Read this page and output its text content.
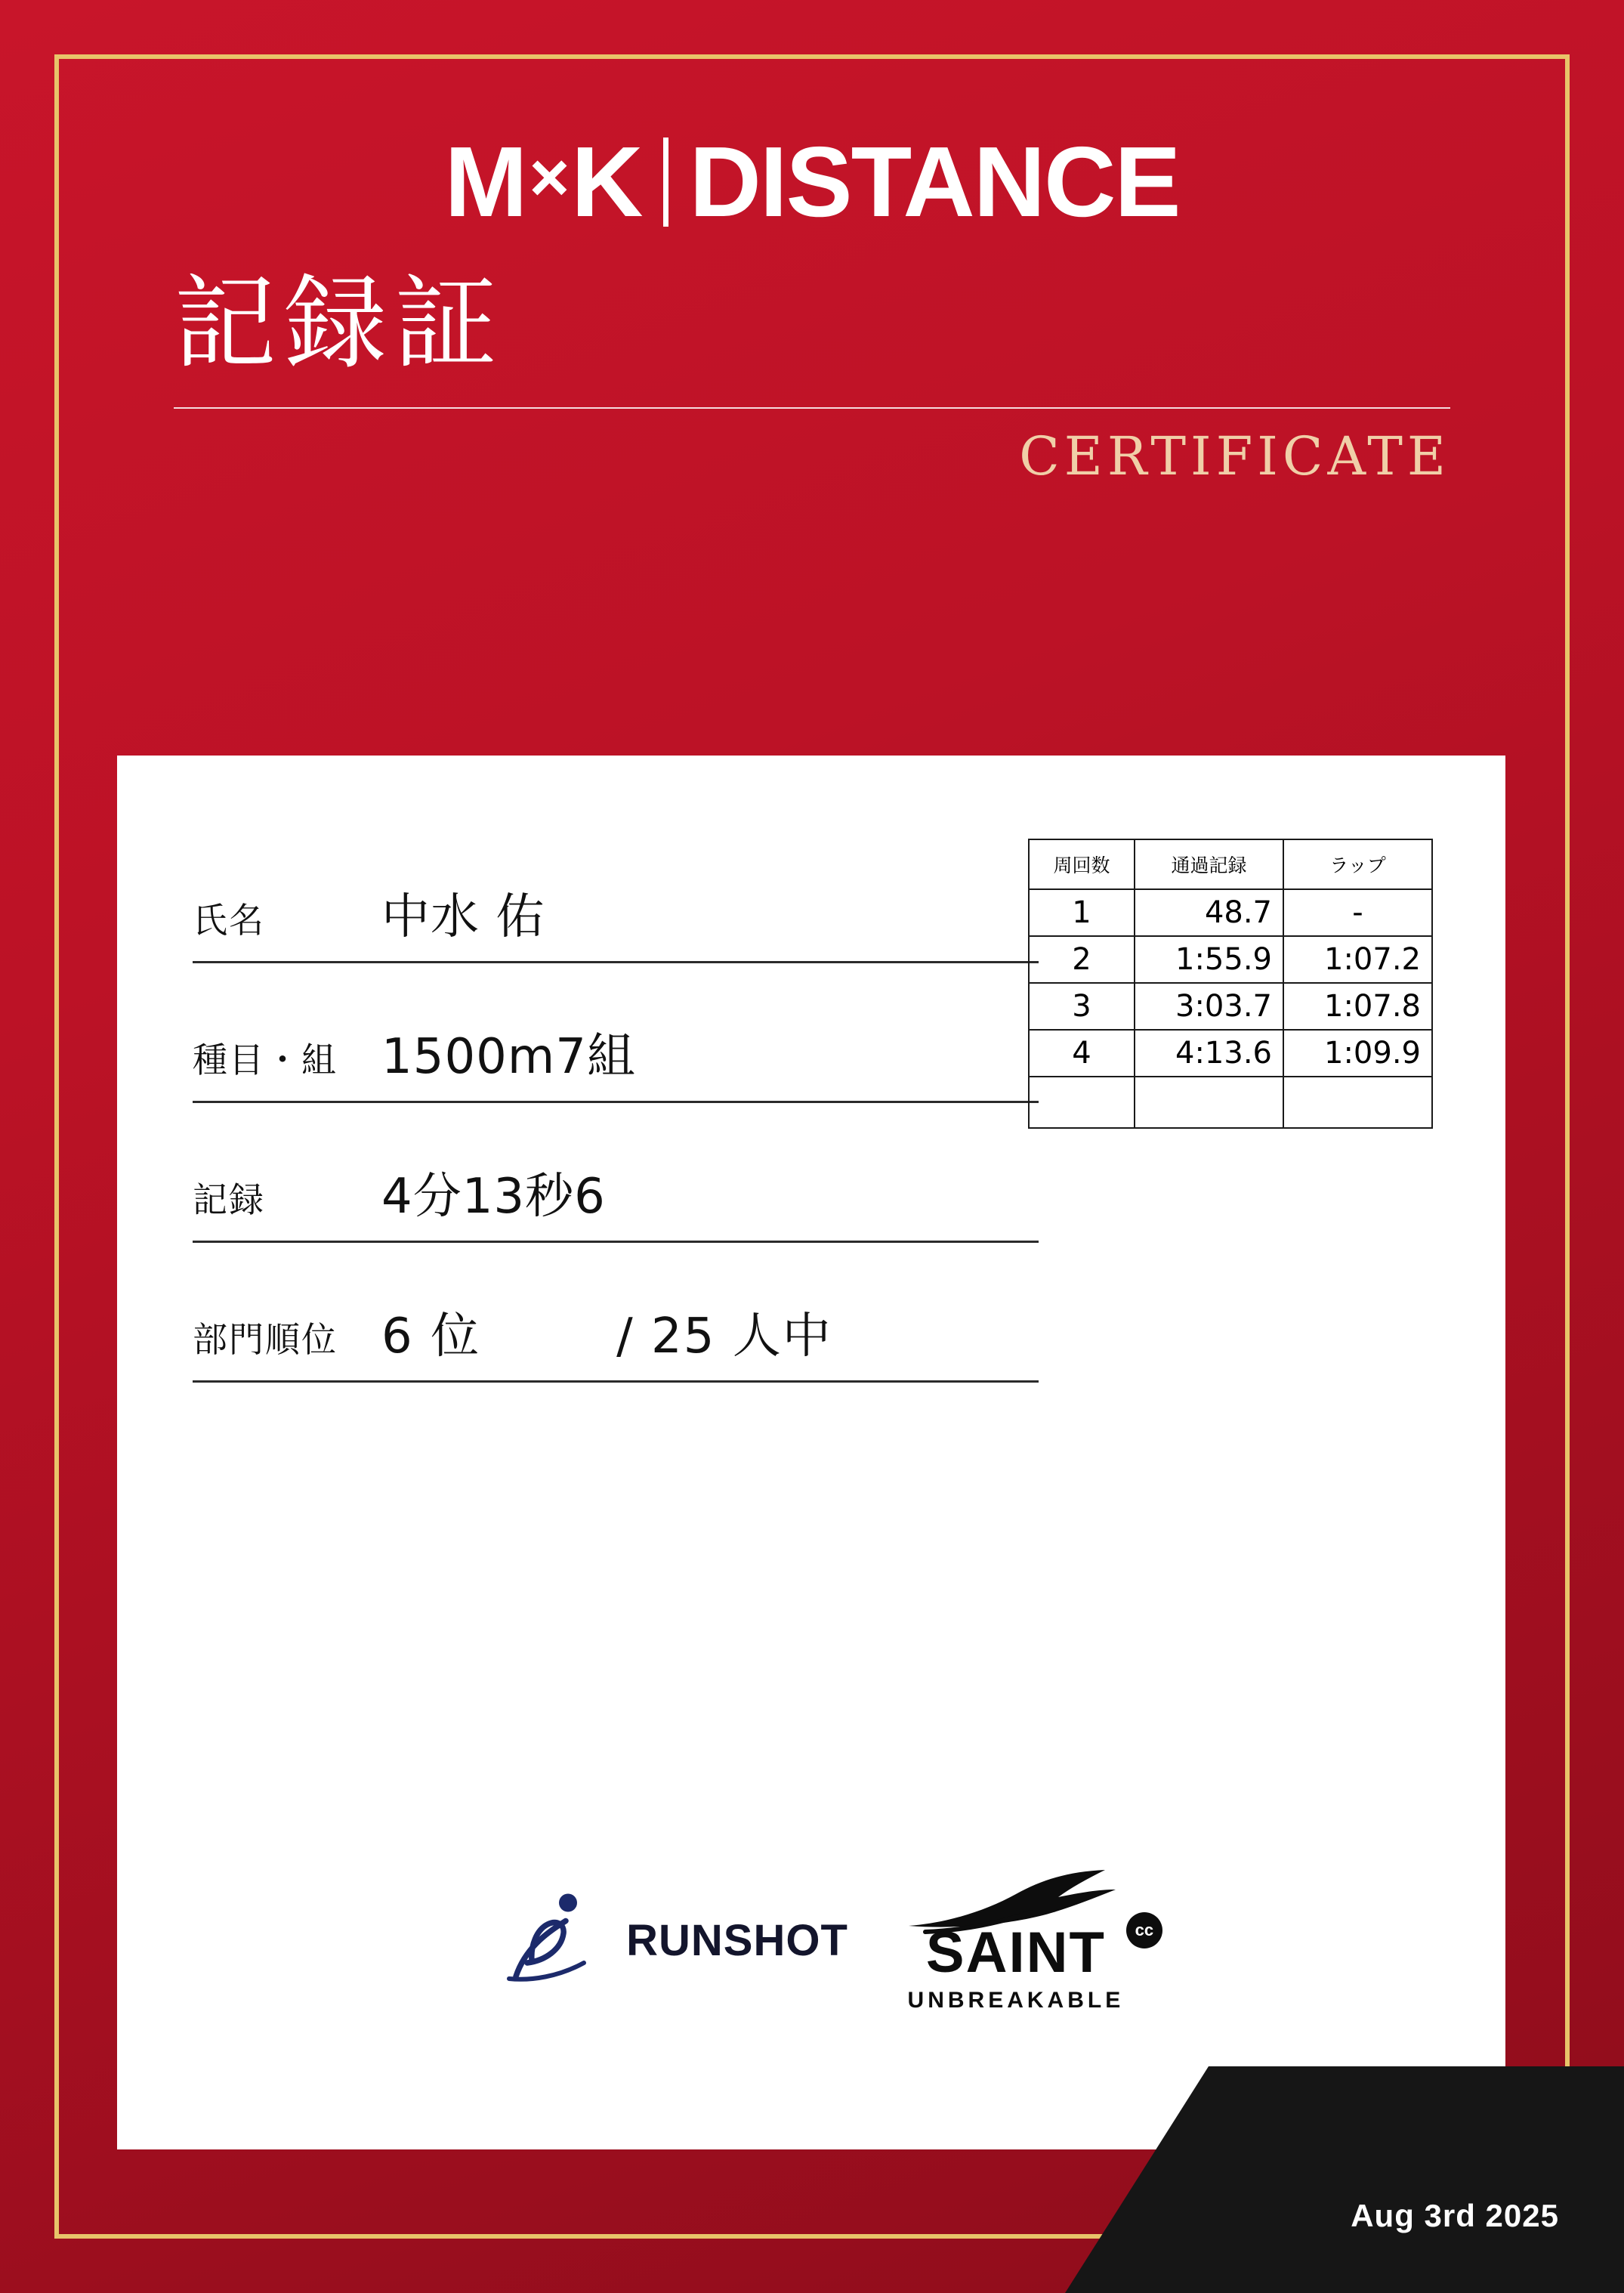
M × K DISTANCE
記録証
CERTIFICATE
氏名	中水 佑
種目・組 1500m7組
記録	4分13秒6
部門順位 6 位	/ 25 人中
周回数	通過記録	ラップ
1	48.7	-
2	1:55.9	1:07.2
3	3:03.7	1:07.8
4	4:13.6	1:09.9

RUNSHOT SAINT
UNBREAKABLE
cc
Aug 3rd 2025
